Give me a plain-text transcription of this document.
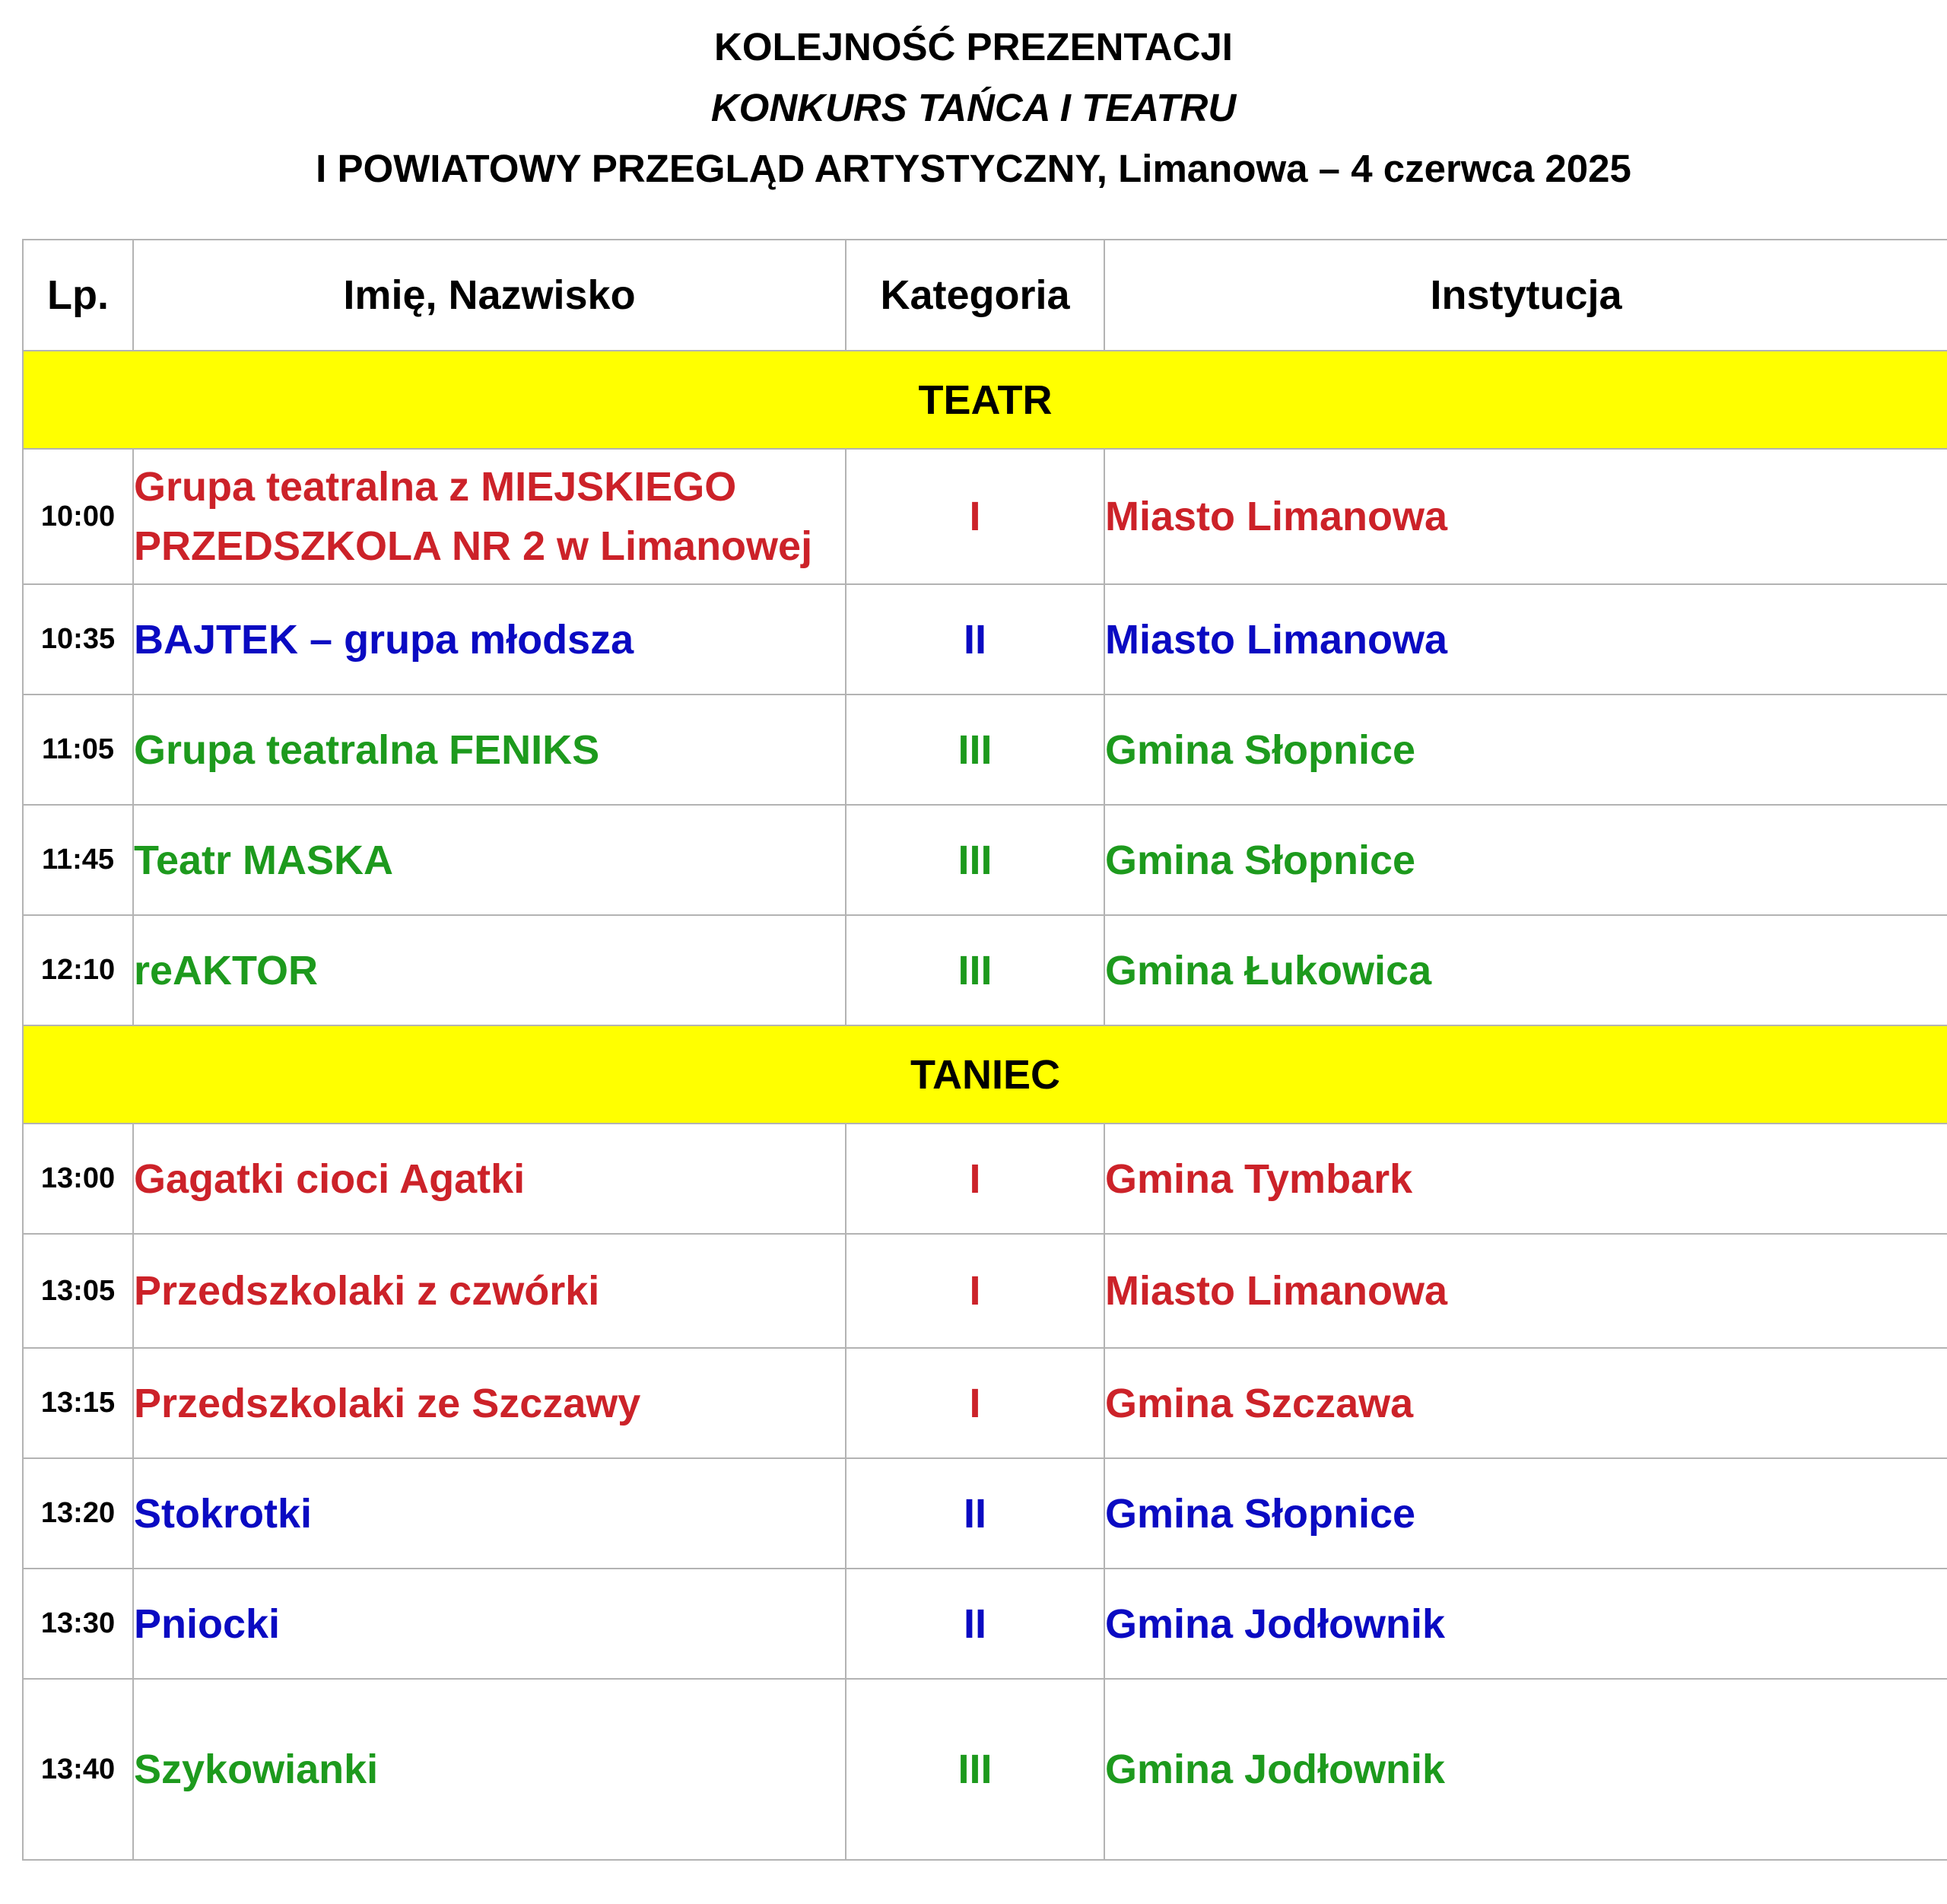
KOLEJNOŚĆ PREZENTACJI
KONKURS TAŃCA I TEATRU
I POWIATOWY PRZEGLĄD ARTYSTYCZNY, Limanowa – 4 czerwca 2025
Lp.	Imię, Nazwisko	Kategoria	Instytucja
TEATR			
10:00	Grupa teatralna z MIEJSKIEGO PRZEDSZKOLA NR 2 w Limanowej	I	Miasto Limanowa
10:35	BAJTEK – grupa młodsza	II	Miasto Limanowa
11:05	Grupa teatralna FENIKS	III	Gmina Słopnice
11:45	Teatr MASKA	III	Gmina Słopnice
12:10	reAKTOR	III	Gmina Łukowica
TANIEC			
13:00	Gagatki cioci Agatki	I	Gmina Tymbark
13:05	Przedszkolaki z czwórki	I	Miasto Limanowa
13:15	Przedszkolaki ze Szczawy	I	Gmina Szczawa
13:20	Stokrotki	II	Gmina Słopnice
13:30	Pniocki	II	Gmina Jodłownik
13:40	Szykowianki	III	Gmina Jodłownik
